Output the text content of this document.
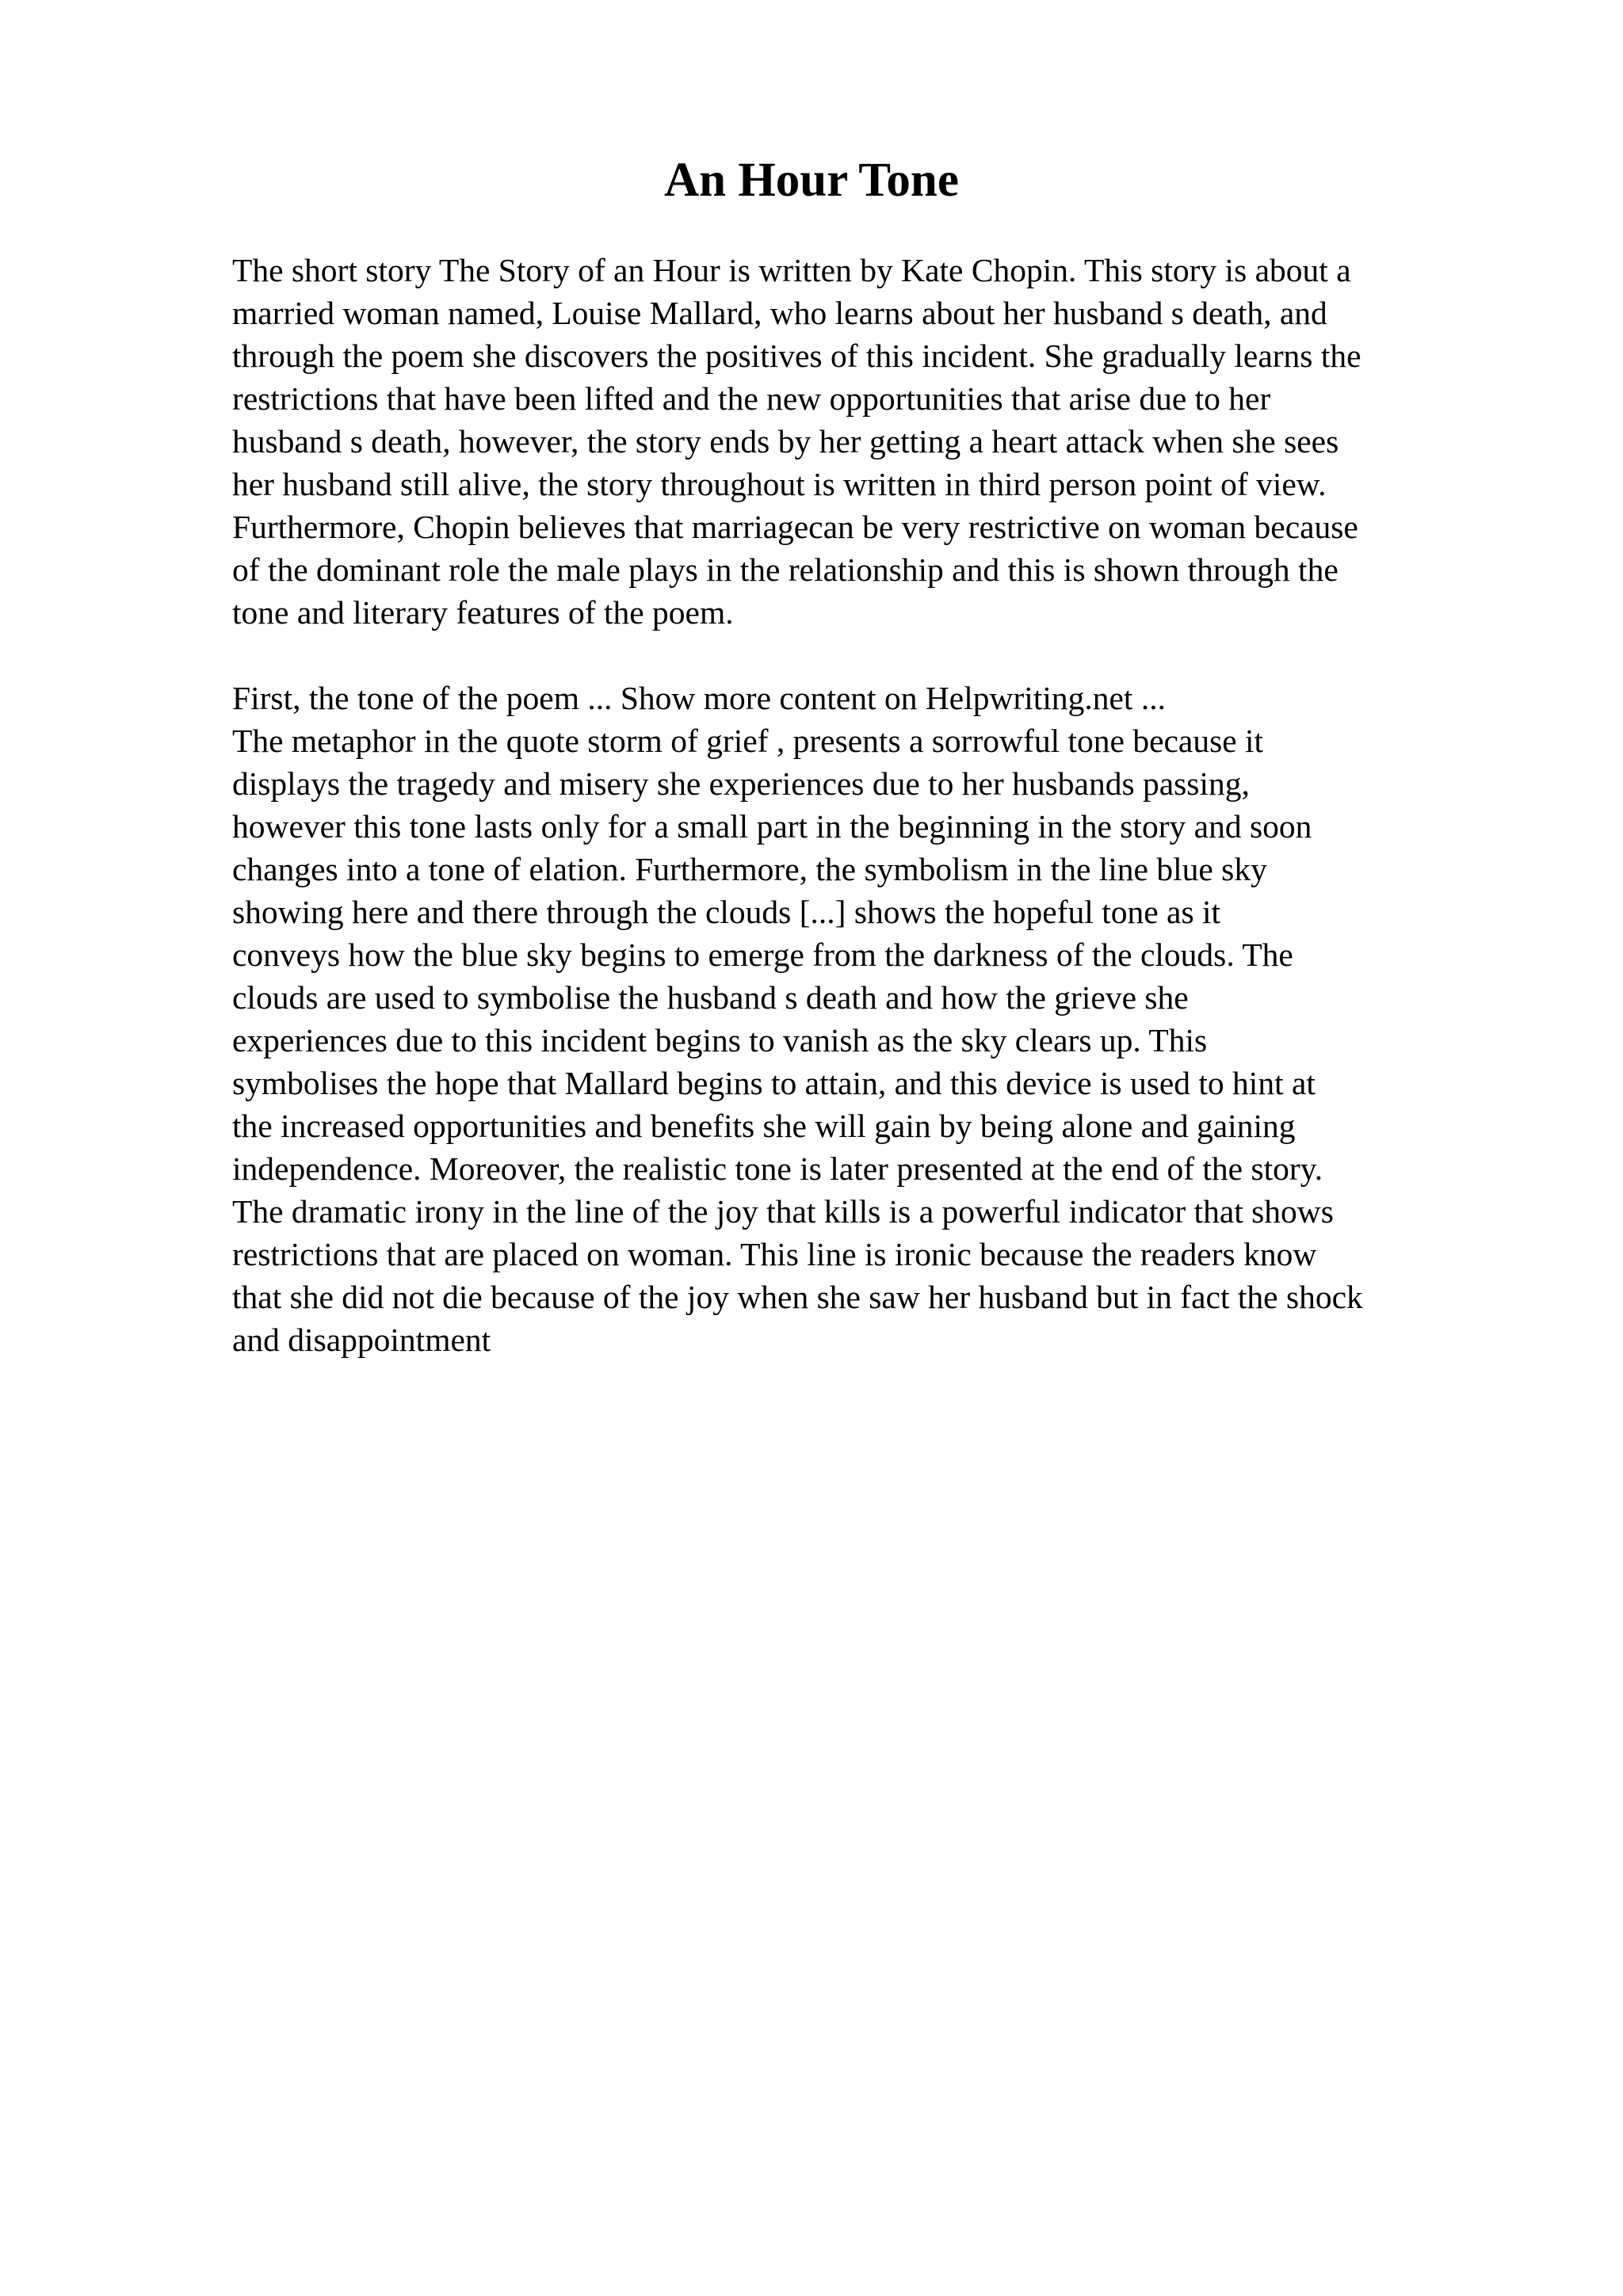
An Hour Tone

The short story The Story of an Hour is written by Kate Chopin. This story is about a

married woman named, Louise Mallard, who learns about her husband s death, and

through the poem she discovers the positives of this incident. She gradually learns the

restrictions that have been lifted and the new opportunities that arise due to her

husband s death, however, the story ends by her getting a heart attack when she sees

her husband still alive, the story throughout is written in third person point of view.

Furthermore, Chopin believes that marriagecan be very restrictive on woman because

of the dominant role the male plays in the relationship and this is shown through the

tone and literary features of the poem.

First, the tone of the poem ... Show more content on Helpwriting.net ...

The metaphor in the quote storm of grief , presents a sorrowful tone because it

displays the tragedy and misery she experiences due to her husbands passing,

however this tone lasts only for a small part in the beginning in the story and soon

changes into a tone of elation. Furthermore, the symbolism in the line blue sky

showing here and there through the clouds [...] shows the hopeful tone as it

conveys how the blue sky begins to emerge from the darkness of the clouds. The

clouds are used to symbolise the husband s death and how the grieve she

experiences due to this incident begins to vanish as the sky clears up. This

symbolises the hope that Mallard begins to attain, and this device is used to hint at

the increased opportunities and benefits she will gain by being alone and gaining

independence. Moreover, the realistic tone is later presented at the end of the story.

The dramatic irony in the line of the joy that kills is a powerful indicator that shows

restrictions that are placed on woman. This line is ironic because the readers know

that she did not die because of the joy when she saw her husband but in fact the shock

and disappointment
